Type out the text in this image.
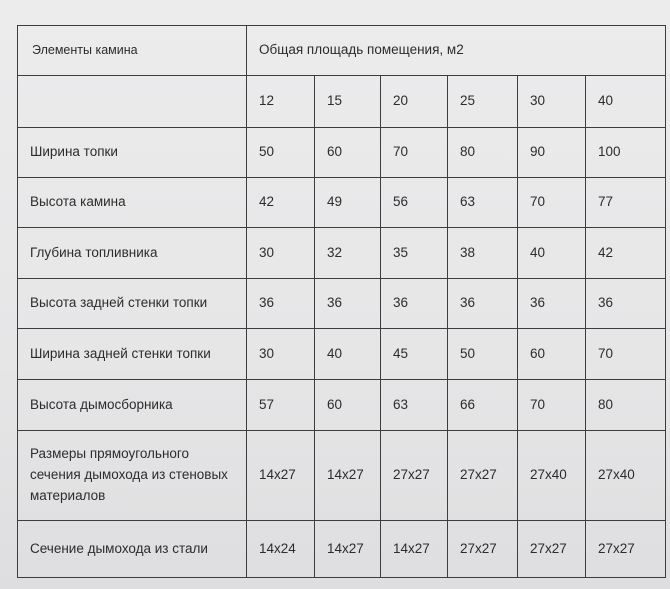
Элементы камина	Общая площадь помещения, м2					
	12	15	20	25	30	40
Ширина топки	50	60	70	80	90	100
Высота камина	42	49	56	63	70	77
Глубина топливника	30	32	35	38	40	42
Высота задней стенки топки	36	36	36	36	36	36
Ширина задней стенки топки	30	40	45	50	60	70
Высота дымосборника	57	60	63	66	70	80
Размеры прямоугольного сечения дымохода из стеновых материалов	14x27	14x27	27x27	27x27	27x40	27x40
Сечение дымохода из стали	14x24	14x27	14x27	27x27	27x27	27x27
